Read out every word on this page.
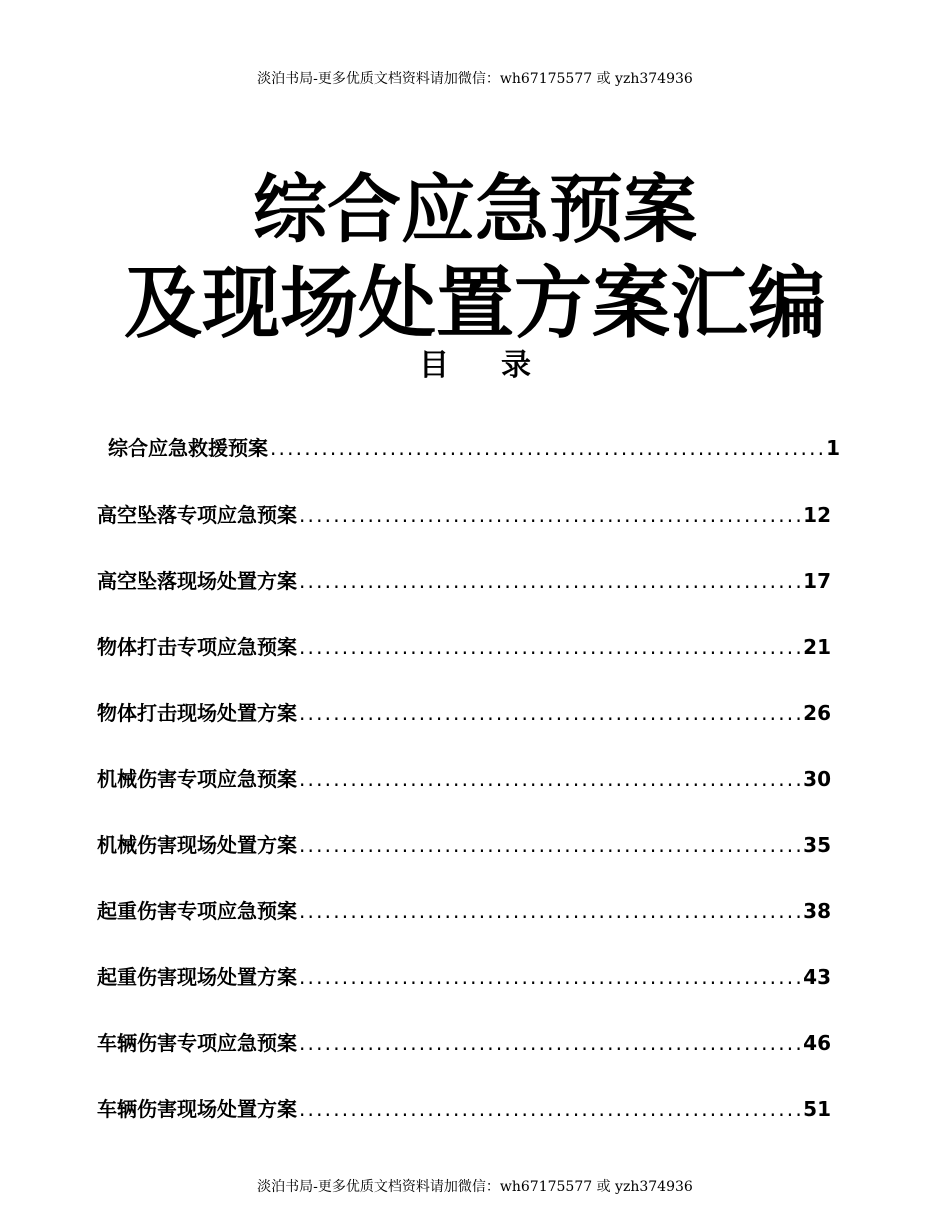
淡泊书局-更多优质文档资料请加微信：wh67175577 或 yzh374936
综合应急预案
及现场处置方案汇编
目 录
综合应急救援预案 .....	1
高空坠落专项应急预案 .....	12
高空坠落现场处置方案 .....	17
物体打击专项应急预案 .....	21
物体打击现场处置方案 .....	26
机械伤害专项应急预案 .....	30
机械伤害现场处置方案 .....	35
起重伤害专项应急预案 .....	38
起重伤害现场处置方案 .....	43
车辆伤害专项应急预案 .....	46
车辆伤害现场处置方案 .....	51
淡泊书局-更多优质文档资料请加微信：wh67175577 或 yzh374936
